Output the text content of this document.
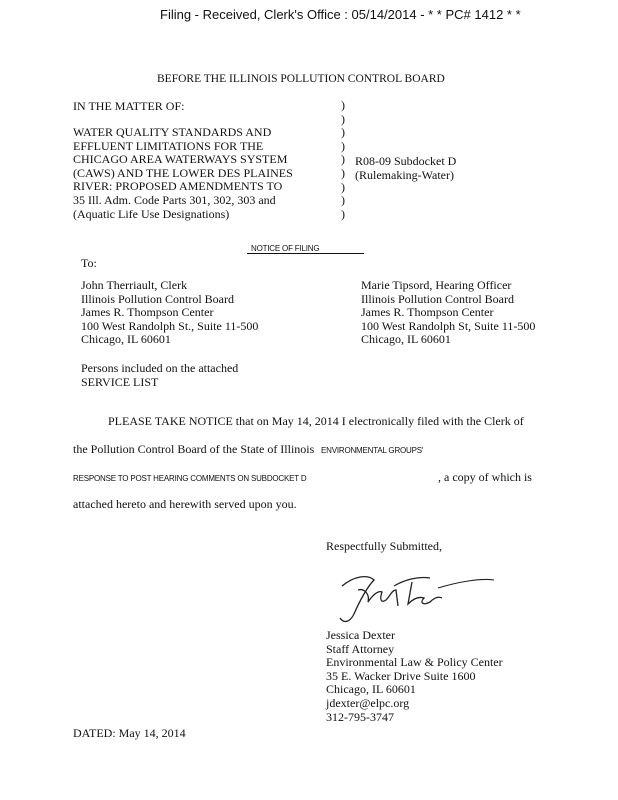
Filing - Received, Clerk's Office : 05/14/2014 - * * PC# 1412 * *
BEFORE THE ILLINOIS POLLUTION CONTROL BOARD
IN THE MATTER OF:
WATER QUALITY STANDARDS AND
EFFLUENT LIMITATIONS FOR THE
CHICAGO AREA WATERWAYS SYSTEM
(CAWS) AND THE LOWER DES PLAINES
RIVER: PROPOSED AMENDMENTS TO
35 Ill. Adm. Code Parts 301, 302, 303 and
(Aquatic Life Use Designations)
)
)
)
)
)
)
)
)
)
R08-09 Subdocket D
(Rulemaking-Water)
NOTICE OF FILING
To:
John Therriault, Clerk
Illinois Pollution Control Board
James R. Thompson Center
100 West Randolph St., Suite 11-500
Chicago, IL 60601
Marie Tipsord, Hearing Officer
Illinois Pollution Control Board
James R. Thompson Center
100 West Randolph St, Suite 11-500
Chicago, IL 60601
Persons included on the attached
SERVICE LIST
PLEASE TAKE NOTICE that on May 14, 2014 I electronically filed with the Clerk of
the Pollution Control Board of the State of Illinois ENVIRONMENTAL GROUPS'
RESPONSE TO POST HEARING COMMENTS ON SUBDOCKET D	, a copy of which is
attached hereto and herewith served upon you.
Respectfully Submitted,
Jessica Dexter
Staff Attorney
Environmental Law & Policy Center
35 E. Wacker Drive Suite 1600
Chicago, IL 60601
jdexter@elpc.org
312-795-3747
DATED: May 14, 2014
